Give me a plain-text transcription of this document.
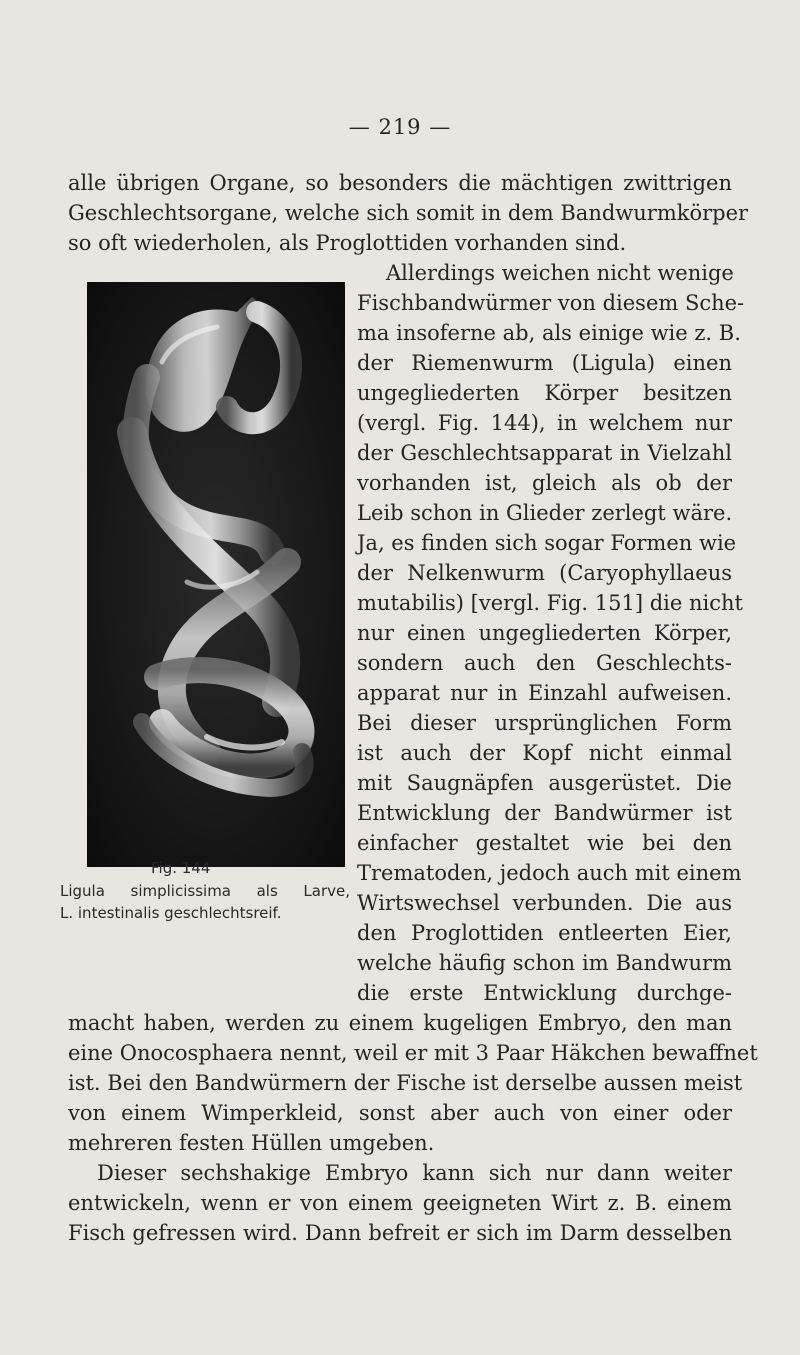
— 219 —
alle übrigen Organe, so besonders die mächtigen zwittrigen
Geschlechtsorgane, welche sich somit in dem Bandwurmkörper
so oft wiederholen, als Proglottiden vorhanden sind.
Allerdings weichen nicht wenige
Fischbandwürmer von diesem Sche-
ma insoferne ab, als einige wie z. B.
der Riemenwurm (Ligula) einen
ungegliederten Körper besitzen
(vergl. Fig. 144), in welchem nur
der Geschlechtsapparat in Vielzahl
vorhanden ist, gleich als ob der
Leib schon in Glieder zerlegt wäre.
Ja, es finden sich sogar Formen wie
der Nelkenwurm (Caryophyllaeus
mutabilis) [vergl. Fig. 151] die nicht
nur einen ungegliederten Körper,
sondern auch den Geschlechts-
apparat nur in Einzahl aufweisen.
Bei dieser ursprünglichen Form
ist auch der Kopf nicht einmal
mit Saugnäpfen ausgerüstet. Die
Entwicklung der Bandwürmer ist
einfacher gestaltet wie bei den
Trematoden, jedoch auch mit einem
Wirtswechsel verbunden. Die aus
den Proglottiden entleerten Eier,
welche häufig schon im Bandwurm
die erste Entwicklung durchge-
macht haben, werden zu einem kugeligen Embryo, den man
eine Onocosphaera nennt, weil er mit 3 Paar Häkchen bewaffnet
ist. Bei den Bandwürmern der Fische ist derselbe aussen meist
von einem Wimperkleid, sonst aber auch von einer oder
mehreren festen Hüllen umgeben.
Dieser sechshakige Embryo kann sich nur dann weiter
entwickeln, wenn er von einem geeigneten Wirt z. B. einem
Fisch gefressen wird. Dann befreit er sich im Darm desselben
Fig. 144
Ligula simplicissima als Larve,
L. intestinalis geschlechtsreif.
